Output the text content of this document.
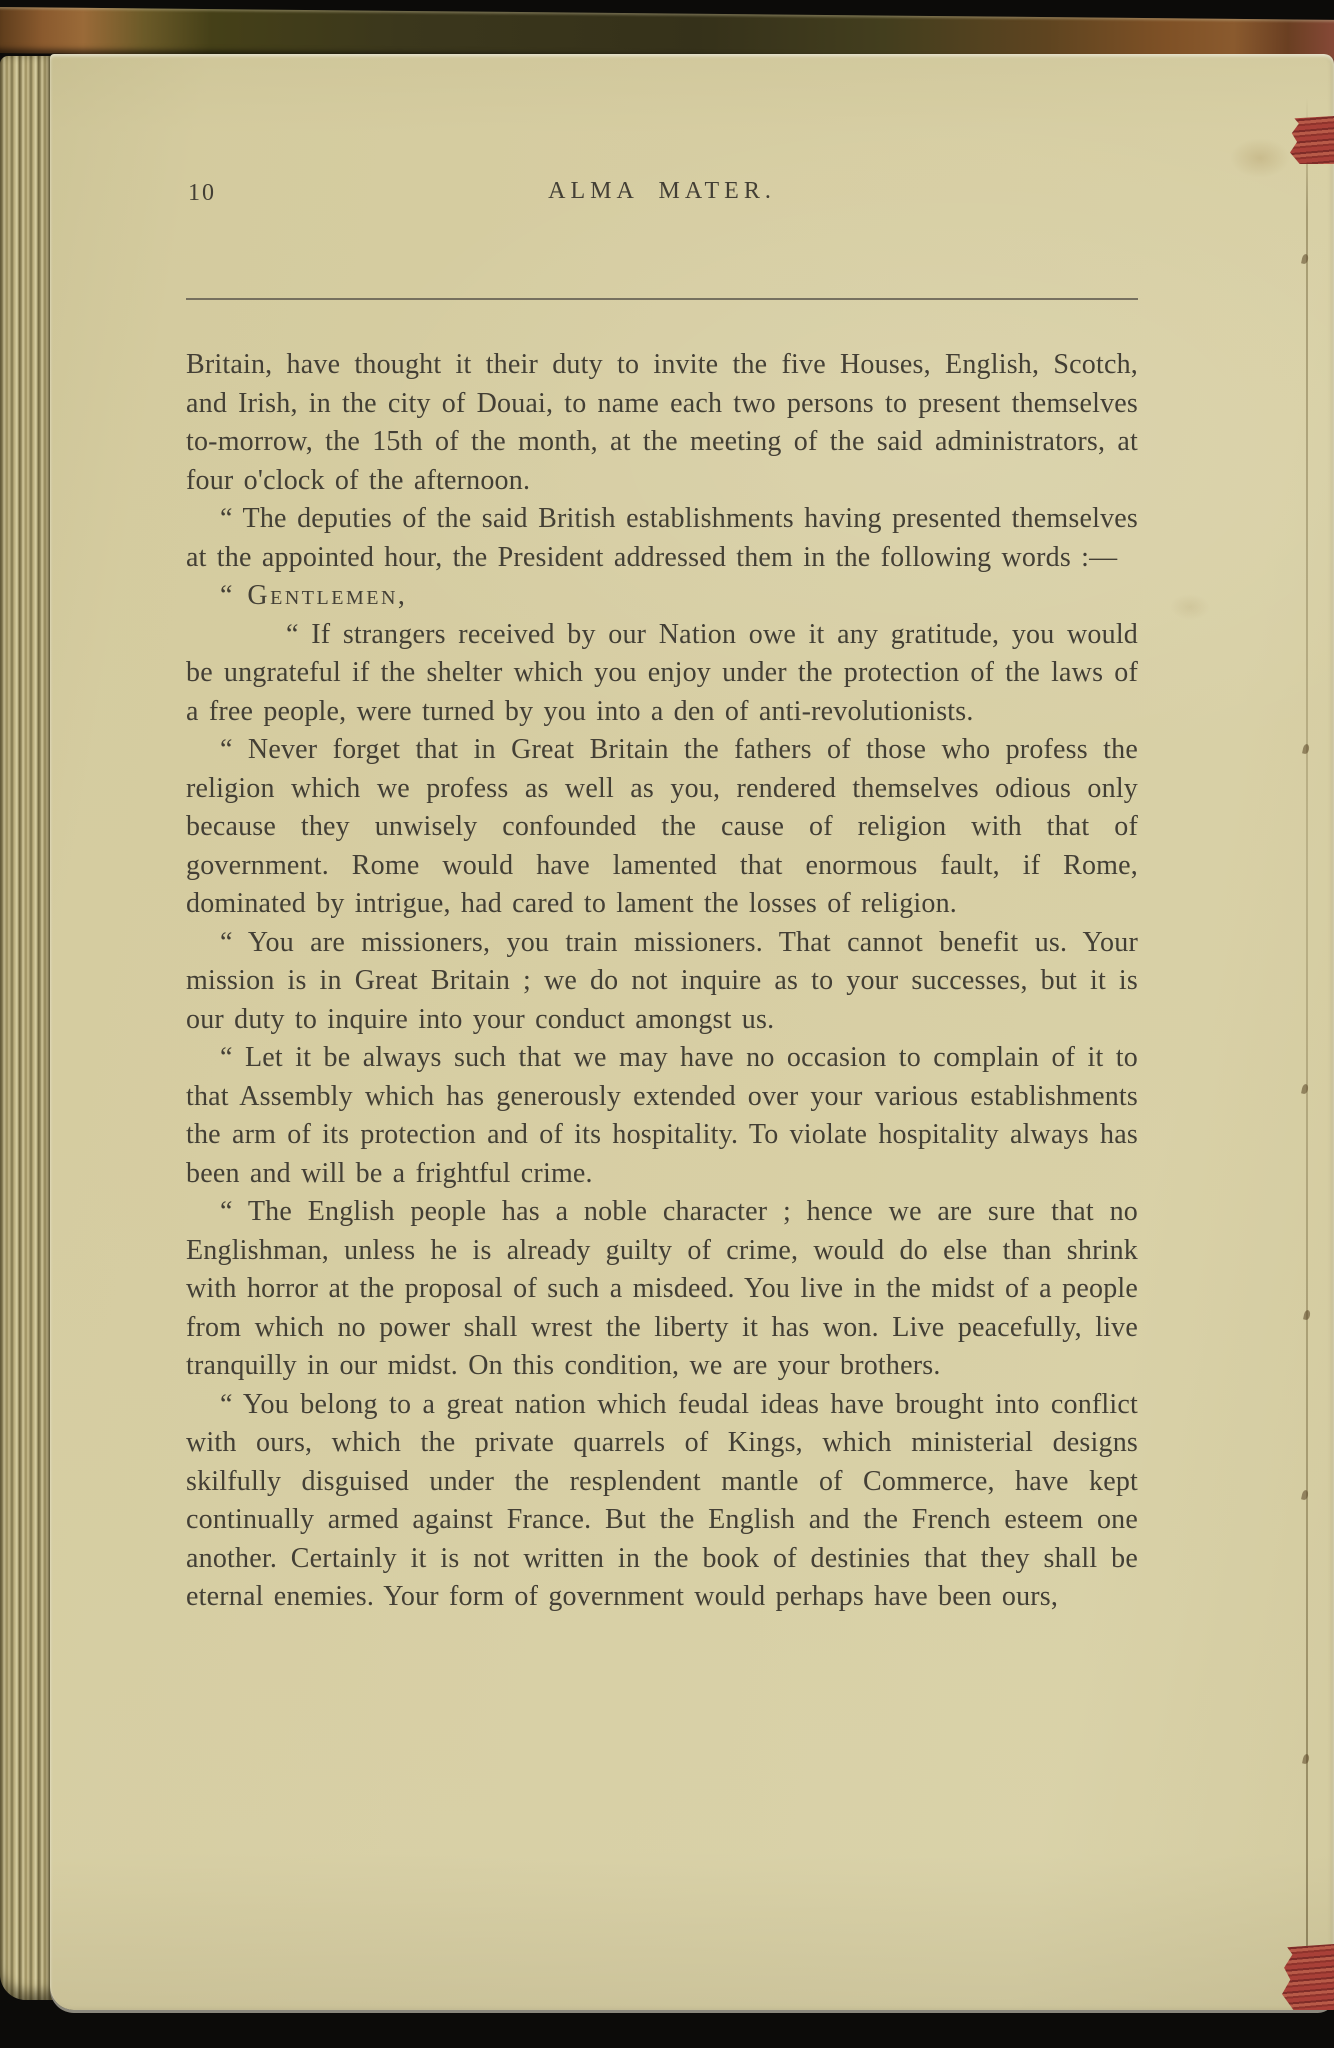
10	ALMA MATER.

Britain, have thought it their duty to invite the five Houses, English, Scotch, and Irish, in the city of Douai, to name each two persons to present themselves to-morrow, the 15th of the month, at the meeting of the said administrators, at four o'clock of the afternoon.

“ The deputies of the said British establishments having presented themselves at the appointed hour, the President addressed them in the following words :—

“ Gentlemen,

“ If strangers received by our Nation owe it any gratitude, you would be ungrateful if the shelter which you enjoy under the protection of the laws of a free people, were turned by you into a den of anti-revolutionists.

“ Never forget that in Great Britain the fathers of those who profess the religion which we profess as well as you, rendered themselves odious only because they unwisely confounded the cause of religion with that of government. Rome would have lamented that enormous fault, if Rome, dominated by intrigue, had cared to lament the losses of religion.

“ You are missioners, you train missioners. That cannot benefit us. Your mission is in Great Britain ; we do not inquire as to your successes, but it is our duty to inquire into your conduct amongst us.

“ Let it be always such that we may have no occasion to complain of it to that Assembly which has generously extended over your various establishments the arm of its protection and of its hospitality. To violate hospitality always has been and will be a frightful crime.

“ The English people has a noble character ; hence we are sure that no Englishman, unless he is already guilty of crime, would do else than shrink with horror at the proposal of such a misdeed. You live in the midst of a people from which no power shall wrest the liberty it has won. Live peacefully, live tranquilly in our midst. On this condition, we are your brothers.

“ You belong to a great nation which feudal ideas have brought into conflict with ours, which the private quarrels of Kings, which ministerial designs skilfully disguised under the resplendent mantle of Commerce, have kept continually armed against France. But the English and the French esteem one another. Certainly it is not written in the book of destinies that they shall be eternal enemies. Your form of government would perhaps have been ours,
